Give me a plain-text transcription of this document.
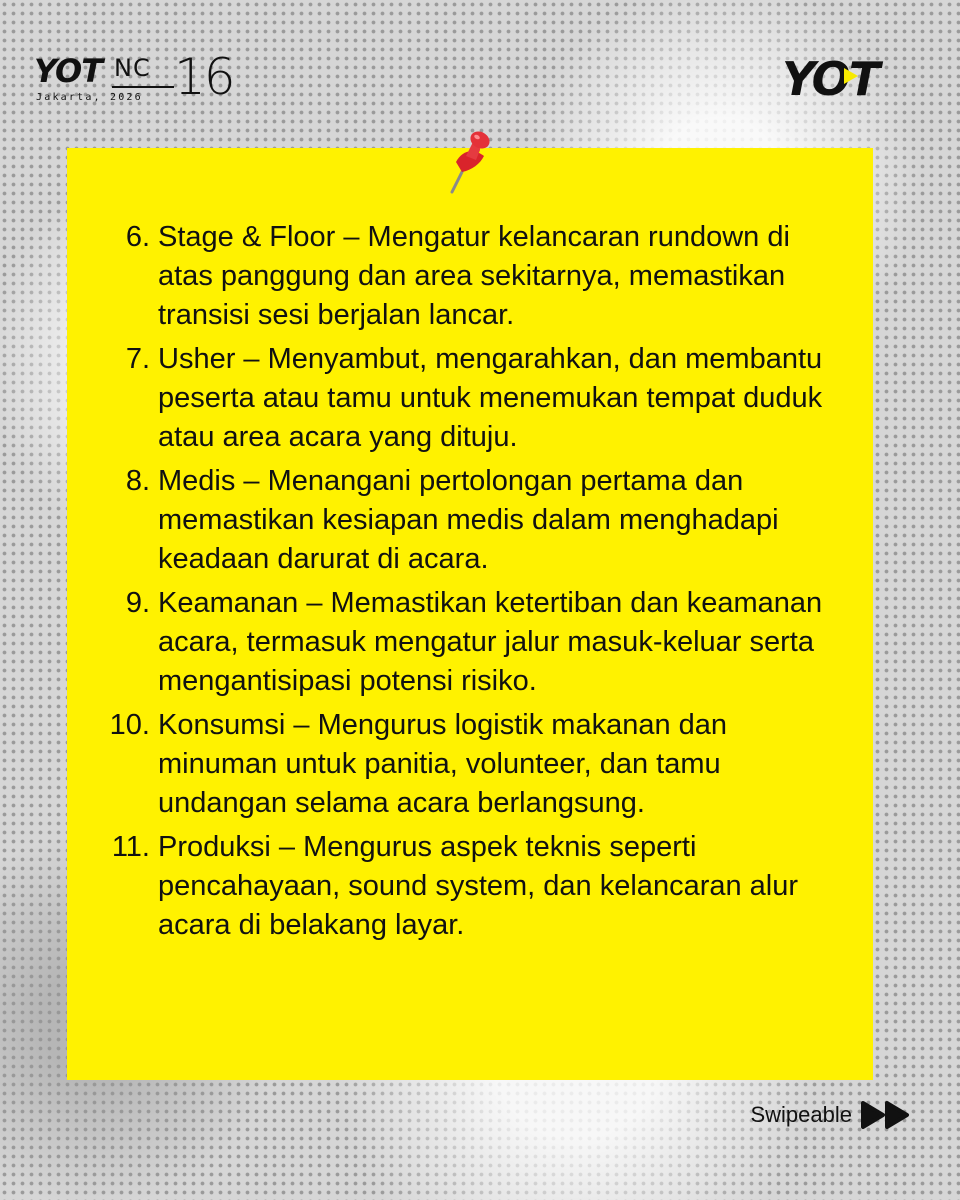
YOT NC 16
Jakarta, 2026	YOT
6. Stage & Floor – Mengatur kelancaran rundown di atas panggung dan area sekitarnya, memastikan transisi sesi berjalan lancar.
7. Usher – Menyambut, mengarahkan, dan membantu peserta atau tamu untuk menemukan tempat duduk atau area acara yang dituju.
8. Medis – Menangani pertolongan pertama dan memastikan kesiapan medis dalam menghadapi keadaan darurat di acara.
9. Keamanan – Memastikan ketertiban dan keamanan acara, termasuk mengatur jalur masuk-keluar serta mengantisipasi potensi risiko.
10. Konsumsi – Mengurus logistik makanan dan minuman untuk panitia, volunteer, dan tamu undangan selama acara berlangsung.
11. Produksi – Mengurus aspek teknis seperti pencahayaan, sound system, dan kelancaran alur acara di belakang layar.
Swipeable
